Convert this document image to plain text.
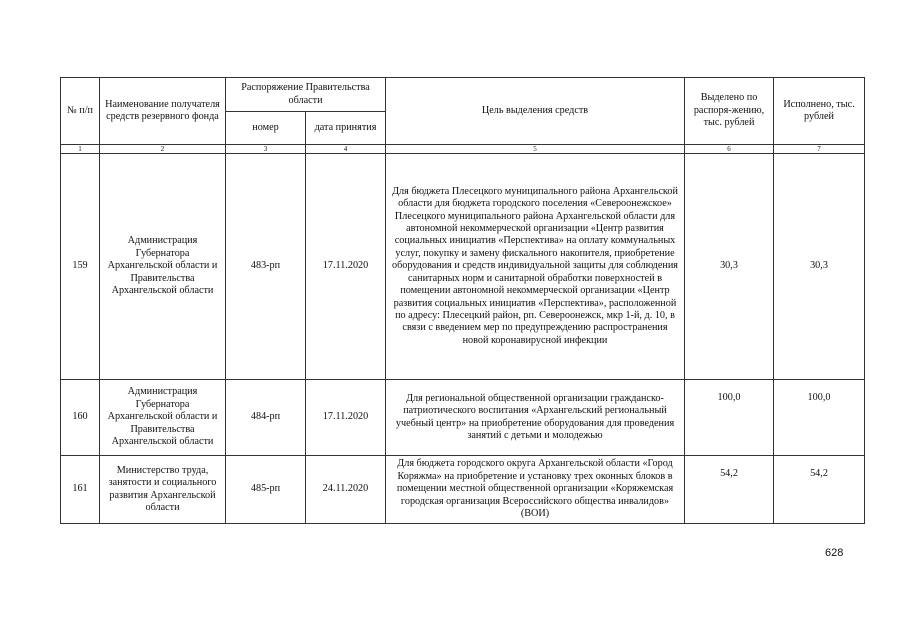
№ п/п	Наименование получателя средств резервного фонда	Распоряжение Правительства области		Цель выделения средств	Выделено по распоря-жению, тыс. рублей	Исполнено, тыс. рублей
		номер	дата принятия			
1	2	3	4	5	6	7
159	Администрация Губернатора Архангельской области и Правительства Архангельской области	483-рп	17.11.2020	Для бюджета Плесецкого муниципального района Архангельской области для бюджета городского поселения «Североонежское» Плесецкого муниципального района Архангельской области для автономной некоммерческой организации «Центр развития социальных инициатив «Перспектива» на оплату коммунальных услуг, покупку и замену фискального накопителя, приобретение оборудования и средств индивидуальной защиты для соблюдения санитарных норм и санитарной обработки поверхностей в помещении автономной некоммерческой организации «Центр развития социальных инициатив «Перспектива», расположенной по адресу: Плесецкий район, рп. Североонежск, мкр 1-й, д. 10, в связи с введением мер по предупреждению распространения новой коронавирусной инфекции	30,3	30,3
160	Администрация Губернатора Архангельской области и Правительства Архангельской области	484-рп	17.11.2020	Для региональной общественной организации гражданско-патриотического воспитания «Архангельский региональный учебный центр» на приобретение оборудования для проведения занятий с детьми и молодежью	100,0	100,0
161	Министерство труда, занятости и социального развития Архангельской области	485-рп	24.11.2020	Для бюджета городского округа Архангельской области «Город Коряжма» на приобретение и установку трех оконных блоков в помещении местной общественной организации «Коряжемская городская организация Всероссийского общества инвалидов» (ВОИ)	54,2	54,2
628
